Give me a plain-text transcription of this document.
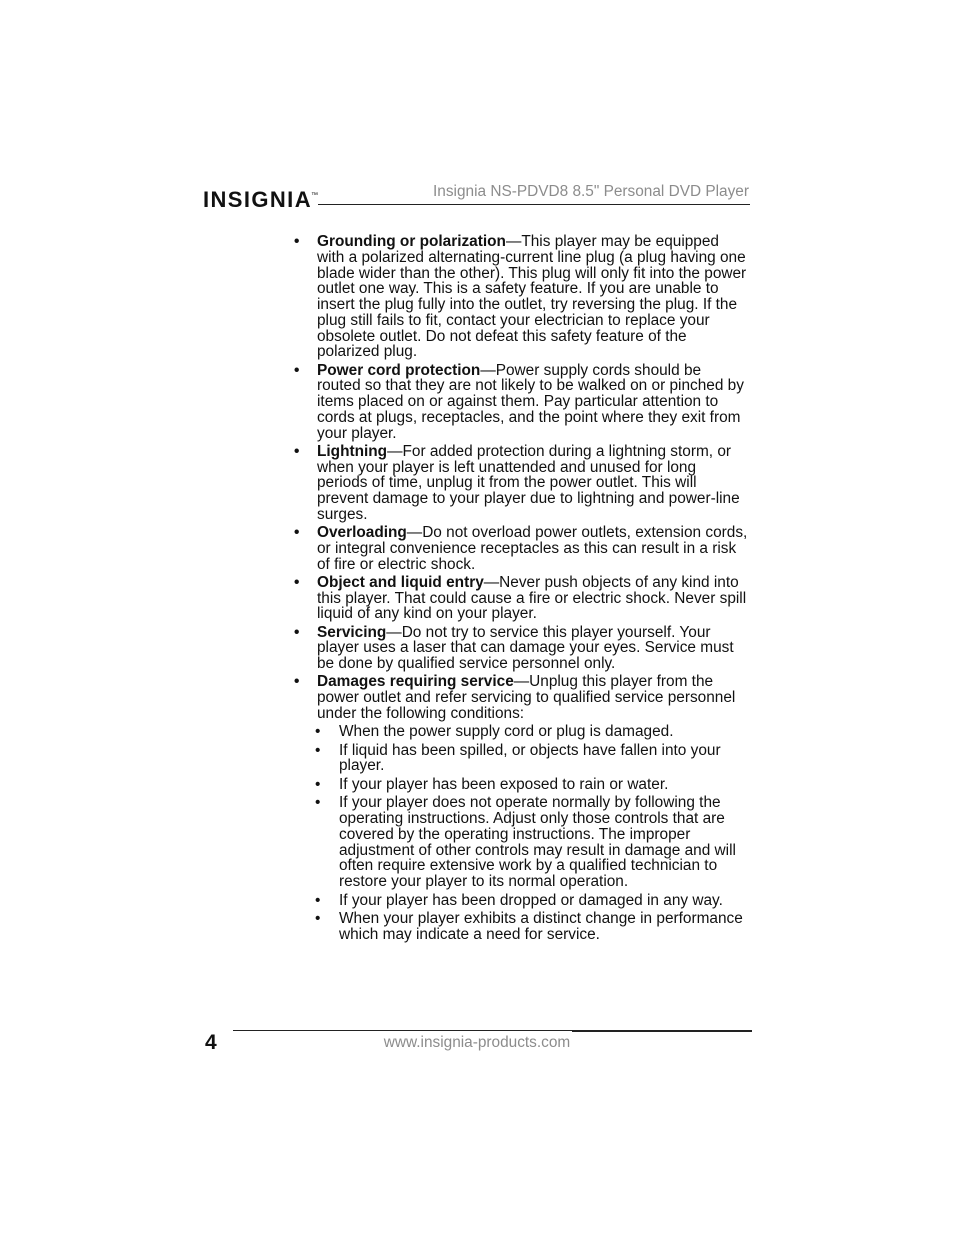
INSIGNIA™	Insignia NS-PDVD8 8.5" Personal DVD Player
• Grounding or polarization—This player may be equipped
with a polarized alternating-current line plug (a plug having one
blade wider than the other). This plug will only fit into the power
outlet one way. This is a safety feature. If you are unable to
insert the plug fully into the outlet, try reversing the plug. If the
plug still fails to fit, contact your electrician to replace your
obsolete outlet. Do not defeat this safety feature of the
polarized plug.
• Power cord protection—Power supply cords should be
routed so that they are not likely to be walked on or pinched by
items placed on or against them. Pay particular attention to
cords at plugs, receptacles, and the point where they exit from
your player.
• Lightning—For added protection during a lightning storm, or
when your player is left unattended and unused for long
periods of time, unplug it from the power outlet. This will
prevent damage to your player due to lightning and power-line
surges.
• Overloading—Do not overload power outlets, extension cords,
or integral convenience receptacles as this can result in a risk
of fire or electric shock.
• Object and liquid entry—Never push objects of any kind into
this player. That could cause a fire or electric shock. Never spill
liquid of any kind on your player.
• Servicing—Do not try to service this player yourself. Your
player uses a laser that can damage your eyes. Service must
be done by qualified service personnel only.
• Damages requiring service—Unplug this player from the
power outlet and refer servicing to qualified service personnel
under the following conditions:
• When the power supply cord or plug is damaged.
• If liquid has been spilled, or objects have fallen into your
player.
• If your player has been exposed to rain or water.
• If your player does not operate normally by following the
operating instructions. Adjust only those controls that are
covered by the operating instructions. The improper
adjustment of other controls may result in damage and will
often require extensive work by a qualified technician to
restore your player to its normal operation.
• If your player has been dropped or damaged in any way.
• When your player exhibits a distinct change in performance
which may indicate a need for service.
4	www.insignia-products.com
